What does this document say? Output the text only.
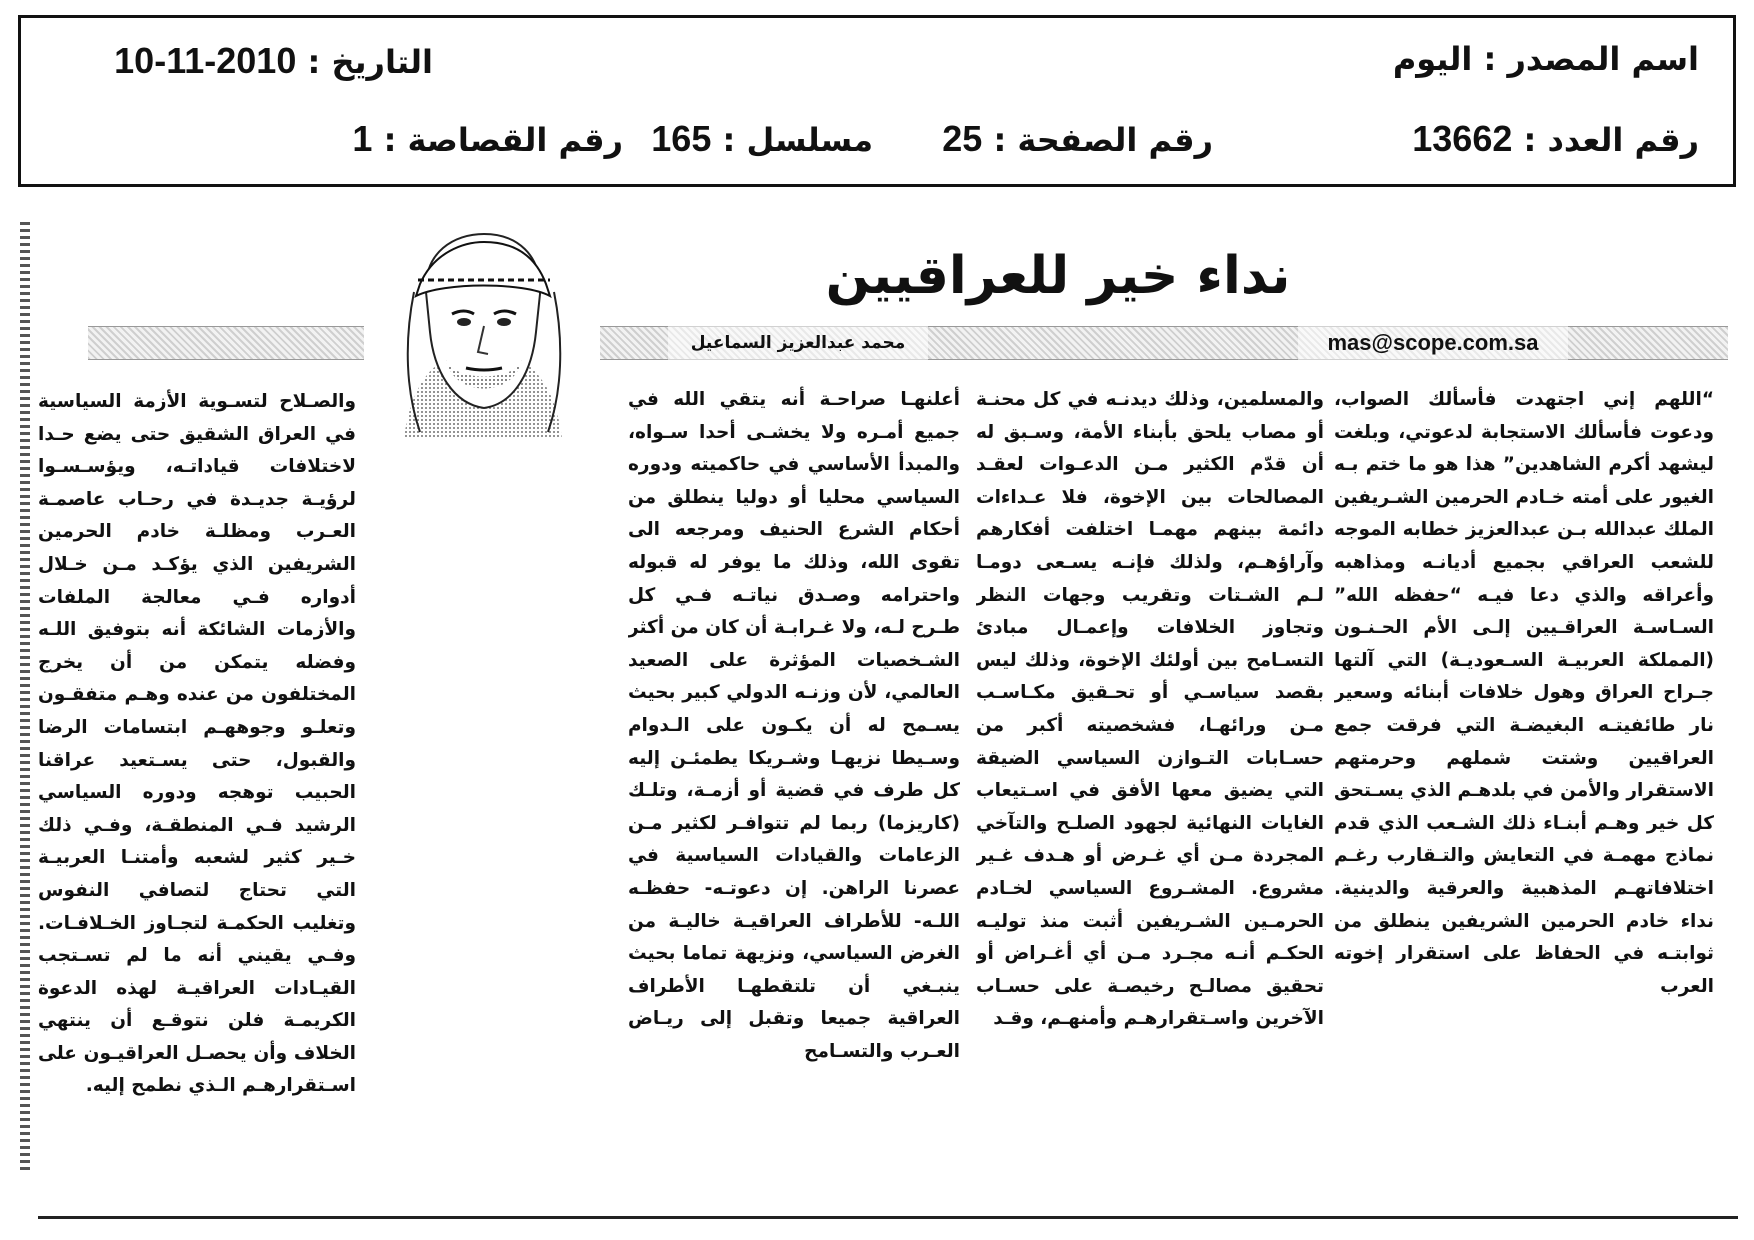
اسم المصدر : اليوم
التاريخ : 2010-11-10
رقم العدد : 13662
رقم الصفحة : 25
مسلسل : 165
رقم القصاصة : 1
نداء خير للعراقيين
mas@scope.com.sa
محمد عبدالعزيز السماعيل

“اللهم إني اجتهدت فأسألك الصواب، ودعوت فأسألك الاستجابة لدعوتي، وبلغت ليشهد أكرم الشاهدين” هذا هو ما ختم بـه الغيور على أمته خـادم الحرمين الشـريفين الملك عبدالله بـن عبدالعزيز خطابه الموجه للشعب العراقي بجميع أديانـه ومذاهبه وأعراقه والذي دعا فيـه “حفظه الله” السـاسـة العراقـيين إلـى الأم الحـنـون (المملكة العربيـة السـعوديـة) التي آلتها جـراح العراق وهول خلافات أبنائه وسعير نار طائفيتـه البغيضـة التي فرقت جمع العراقيين وشتت شملهم وحرمتهم الاستقرار والأمن في بلدهـم الذي يسـتحق كل خير وهـم أبنـاء ذلك الشـعب الذي قدم نماذج مهمـة في التعايش والتـقارب رغـم اختلافاتهـم المذهبية والعرقية والدينية. نداء خادم الحرمين الشريفين ينطلق من ثوابتـه في الحفاظ على استقرار إخوته العرب

والمسلمين، وذلك ديدنـه في كل محنـة أو مصاب يلحق بأبناء الأمة، وسـبق له أن قدّم الكثير مـن الدعـوات لعقـد المصالحات بين الإخوة، فلا عـداءات دائمة بينهم مهمـا اختلفت أفكارهم وآراؤهـم، ولذلك فإنـه يسـعى دومـا لـم الشـتات وتقريب وجهات النظر وتجاوز الخلافات وإعمـال مبادئ التسـامح بين أولئك الإخوة، وذلك ليس بقصد سياسـي أو تحـقيق مكـاسـب مـن ورائهـا، فشخصيته أكبر من حسـابات التـوازن السياسي الضيقة التي يضيق معها الأفق في اسـتيعاب الغايات النهائية لجهود الصلـح والتآخي المجردة مـن أي غـرض أو هـدف غـير مشروع. المشـروع السياسي لخـادم الحرمـين الشـريفين أثبت منذ توليـه الحكـم أنـه مجـرد مـن أي أغـراض أو تحقيق مصالـح رخيصـة على حسـاب الآخرين واسـتقرارهـم وأمنهـم، وقـد

أعلنهـا صراحـة أنه يتقي الله في جميع أمـره ولا يخشـى أحدا سـواه، والمبدأ الأساسي في حاكميته ودوره السياسي محليا أو دوليا ينطلق من أحكام الشرع الحنيف ومرجعه الى تقوى الله، وذلك ما يوفر له قبوله واحترامه وصـدق نياتـه فـي كل طـرح لـه، ولا غـرابـة أن كان من أكثر الشـخصيات المؤثرة على الصعيد العالمي، لأن وزنـه الدولي كبير بحيث يسـمح له أن يكـون على الـدوام وسـيطا نزيهـا وشـريكا يطمئـن إليه كل طرف في قضية أو أزمـة، وتلـك (كاريزما) ربما لم تتوافـر لكثير مـن الزعامات والقيادات السياسية في عصرنا الراهن. إن دعوتـه- حفظـه اللـه- للأطراف العراقيـة خاليـة من الغرض السياسي، ونزيهة تماما بحيث ينبـغي أن تلتقطهـا الأطراف العراقية جميعا وتقبل إلى ريـاض العـرب والتسـامح

والصـلاح لتسـوية الأزمة السياسية في العراق الشقيق حتى يضع حـدا لاختلافات قياداتـه، ويؤسـسـوا لرؤيـة جديـدة في رحـاب عاصمـة العـرب ومظلـة خادم الحرمين الشريفين الذي يؤكـد مـن خـلال أدواره فـي معالجة الملفات والأزمات الشائكة أنه بتوفيق اللـه وفضله يتمكن من أن يخرج المختلفون من عنده وهـم متفقـون وتعلـو وجوههـم ابتسامات الرضا والقبول، حتى يسـتعيد عراقنا الحبيب توهجه ودوره السياسي الرشيد فـي المنطقـة، وفـي ذلك خـير كثير لشعبه وأمتنـا العربيـة التي تحتاج لتصافي النفوس وتغليب الحكمـة لتجـاوز الخـلافـات. وفـي يقيني أنه ما لم تسـتجب القيـادات العراقيـة لهذه الدعوة الكريمـة فلن نتوقـع أن ينتهي الخلاف وأن يحصـل العراقيـون على اسـتقرارهـم الـذي نطمح إليه.
